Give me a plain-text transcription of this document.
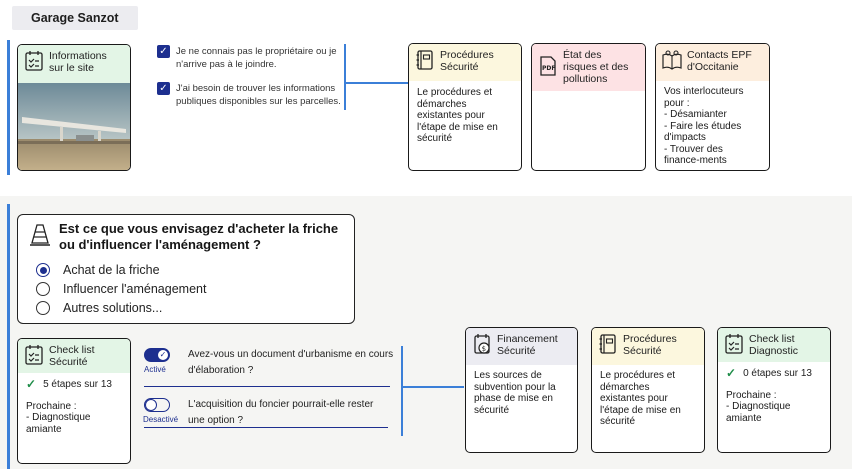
Garage Sanzot
Informations sur le site
✓ Je ne connais pas le propriétaire ou je n'arrive pas à le joindre.
✓ J'ai besoin de trouver les informations publiques disponibles sur les parcelles.
Procédures Sécurité
Le procédures et démarches existantes pour l'étape de mise en sécurité
PDF
État des risques et des pollutions
Contacts EPF d'Occitanie
Vos interlocuteurs pour :
- Désamianter
- Faire les études d'impacts
- Trouver des finance-ments
Est ce que vous envisagez d'acheter la friche ou d'influencer l'aménagement ?
Achat de la friche
Influencer l'aménagement
Autres solutions...
Check list Sécurité
✓ 5 étapes sur 13
Prochaine :
- Diagnostique amiante
✓
Activé
Avez-vous un document d'urbanisme en cours d'élaboration ?
Desactivé
L'acquisition du foncier pourrait-elle rester une option ?
$
Financement Sécurité
Les sources de subvention pour la phase de mise en sécurité
Procédures Sécurité
Le procédures et démarches existantes pour l'étape de mise en sécurité
Check list Diagnostic
✓ 0 étapes sur 13
Prochaine :
- Diagnostique amiante
